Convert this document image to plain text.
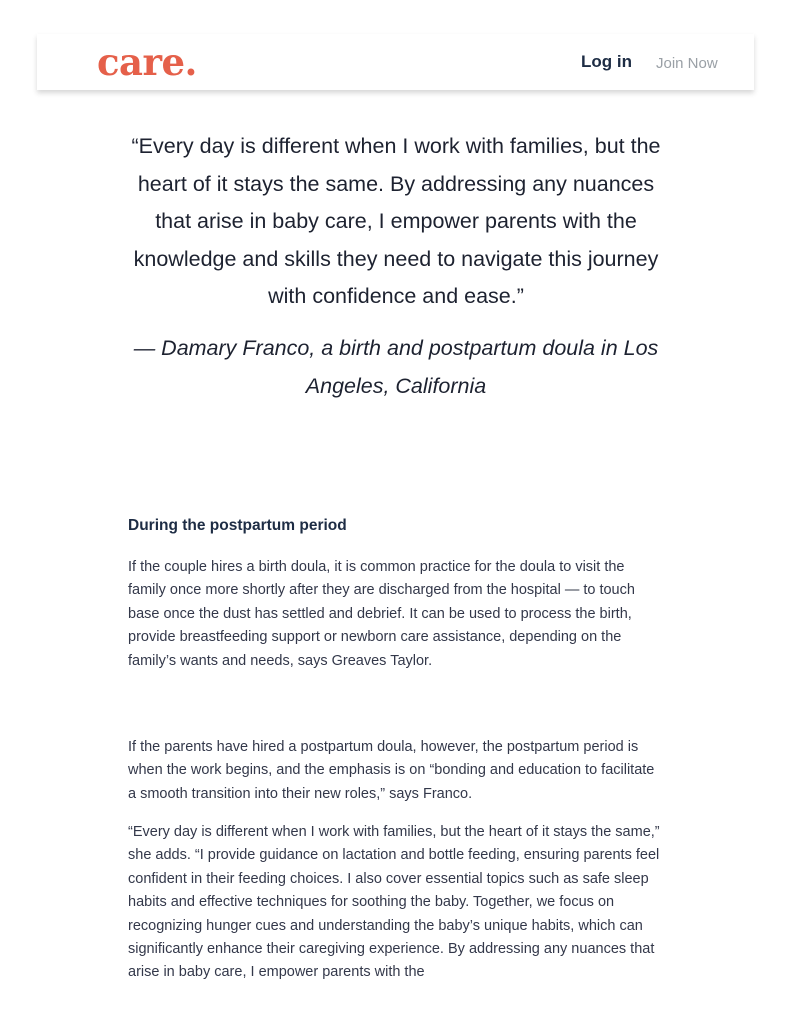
care.	Log in Join Now

“Every day is different when I work with families, but the heart of it stays the same. By addressing any nuances that arise in baby care, I empower parents with the knowledge and skills they need to navigate this journey with confidence and ease.”

— Damary Franco, a birth and postpartum doula in Los Angeles, California

During the postpartum period

If the couple hires a birth doula, it is common practice for the doula to visit the family once more shortly after they are discharged from the hospital — to touch base once the dust has settled and debrief. It can be used to process the birth, provide breastfeeding support or newborn care assistance, depending on the family’s wants and needs, says Greaves Taylor.

If the parents have hired a postpartum doula, however, the postpartum period is when the work begins, and the emphasis is on “bonding and education to facilitate a smooth transition into their new roles,” says Franco.

“Every day is different when I work with families, but the heart of it stays the same,” she adds. “I provide guidance on lactation and bottle feeding, ensuring parents feel confident in their feeding choices. I also cover essential topics such as safe sleep habits and effective techniques for soothing the baby. Together, we focus on recognizing hunger cues and understanding the baby’s unique habits, which can significantly enhance their caregiving experience. By addressing any nuances that arise in baby care, I empower parents with the
